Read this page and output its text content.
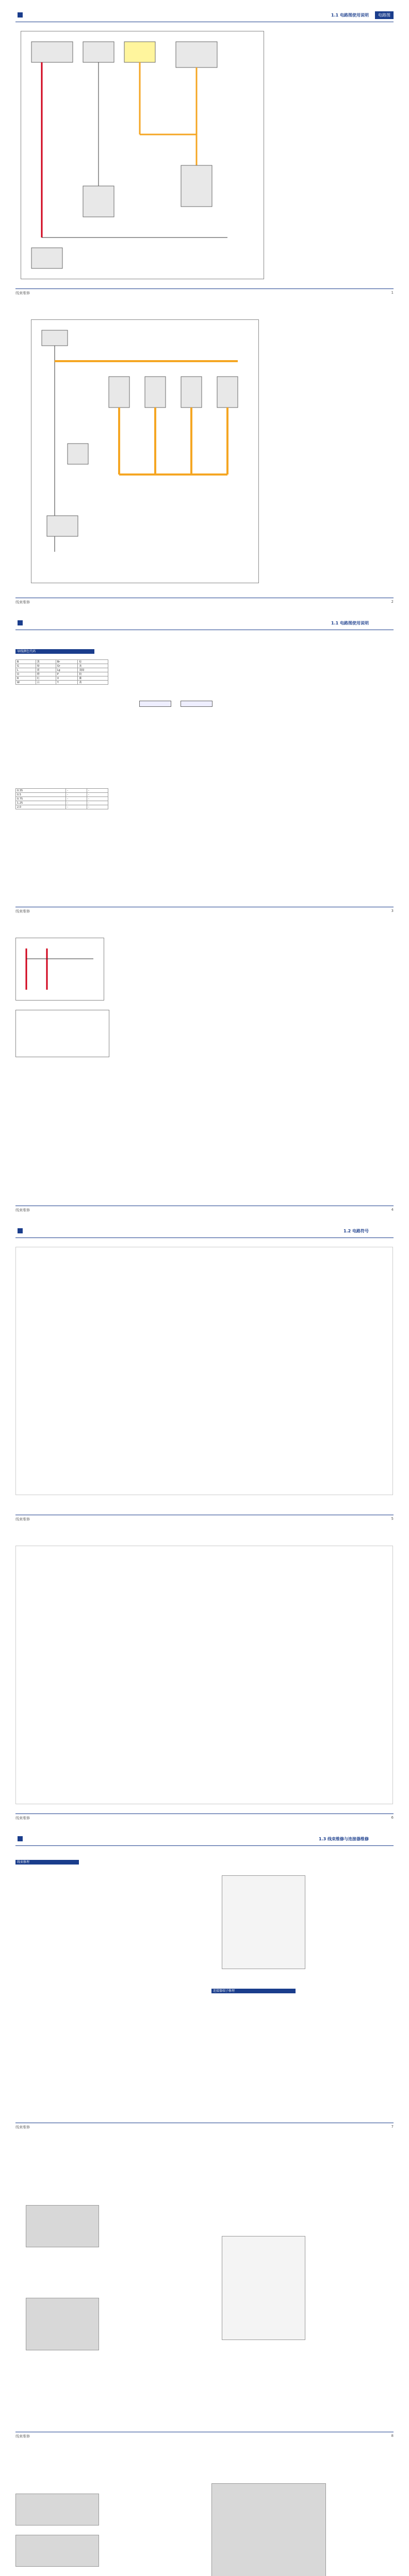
1.1 电路图使用说明	电路图
线束维修	1
线束维修	2
1.1 电路图使用说明
导线颜色代码
B	黑	Br	棕
G	绿	Gr	灰
L	蓝	Lg	浅绿
O	橙	P	粉
R	红	V	紫
W	白	Y	黄
0.35	-	-
0.5	-	-
0.75	-	-
1.25	-	-
2.0	-	-
线束维修	3
线束维修	4
1.2 电路符号
线束维修	5
线束维修	6
1.3 线束维修与连接器维修
线束修理
连接器端子修理
线束维修	7
线束维修	8
